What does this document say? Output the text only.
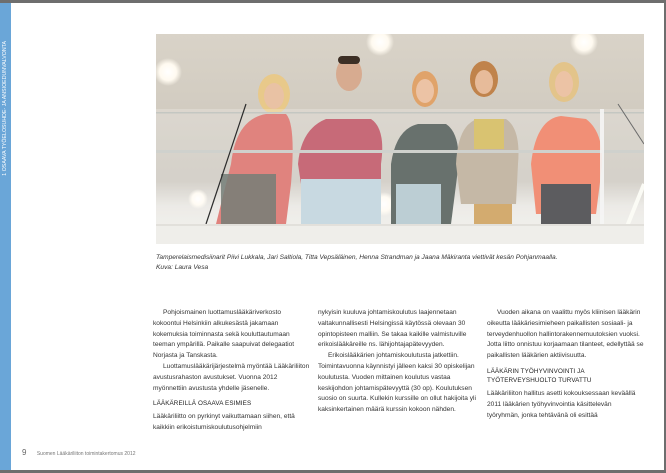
1 OSAAVA TYÖELOSUHDE- JA ANSIOEDUNVALVONTA
Tamperelaismedisiinarit Piivi Lukkala, Jari Saltiola, Titta Vepsäläinen, Henna Strandman ja Jaana Mäkiranta viettivät kesän Pohjanmaalla.
Kuva: Laura Vesa

Pohjoismainen luottamuslääkäriverkosto kokoontui Helsinkiin alkukesästä jakamaan kokemuksia toiminnasta sekä kouluttautumaan teeman ympärillä. Paikalle saapuivat delegaatiot Norjasta ja Tanskasta.

Luottamuslääkärijärjestelmä myöntää Lääkäriliiton avustusrahaston avustukset. Vuonna 2012 myönnettiin avustusta yhdelle jäsenelle.

LÄÄKÄREILLÄ OSAAVA ESIMIES

Lääkäriliitto on pyrkinyt vaikuttamaan siihen, että kaikkiin erikoistumiskoulutusohjelmiin

nykyisin kuuluva johtamiskoulutus laajennetaan valtakunnallisesti Helsingissä käytössä olevaan 30 opintopisteen malliin. Se takaa kaikille valmistuville erikoislääkäreille ns. lähijohtajapätevyyden.

Erikoislääkärien johtamiskoulutusta jatkettiin. Toimintavuonna käynnistyi jälleen kaksi 30 opiskelijan koulutusta. Vuoden mittainen koulutus vastaa keskijohdon johtamispätevyyttä (30 op). Koulutuksen suosio on suurta. Kullekin kurssille on ollut hakijoita yli kaksinkertainen määrä kurssin kokoon nähden.

Vuoden aikana on vaalittu myös kliinisen lääkärin oikeutta lääkäriesimieheen paikallisten sosiaali- ja terveydenhuollon hallintorakennemuutoksien vuoksi. Jotta liitto onnistuu korjaamaan tilanteet, edellyttää se paikallisten lääkärien aktiivisuutta.

LÄÄKÄRIN TYÖHYVINVOINTI JA TYÖTERVEYSHUOLTO TURVATTU

Lääkäriliiton hallitus asetti kokouksessaan keväällä 2011 lääkärien työhyvinvointia käsittelevän työryhmän, jonka tehtävänä oli esittää

9 Suomen Lääkäriliiton toimintakertomus 2012
